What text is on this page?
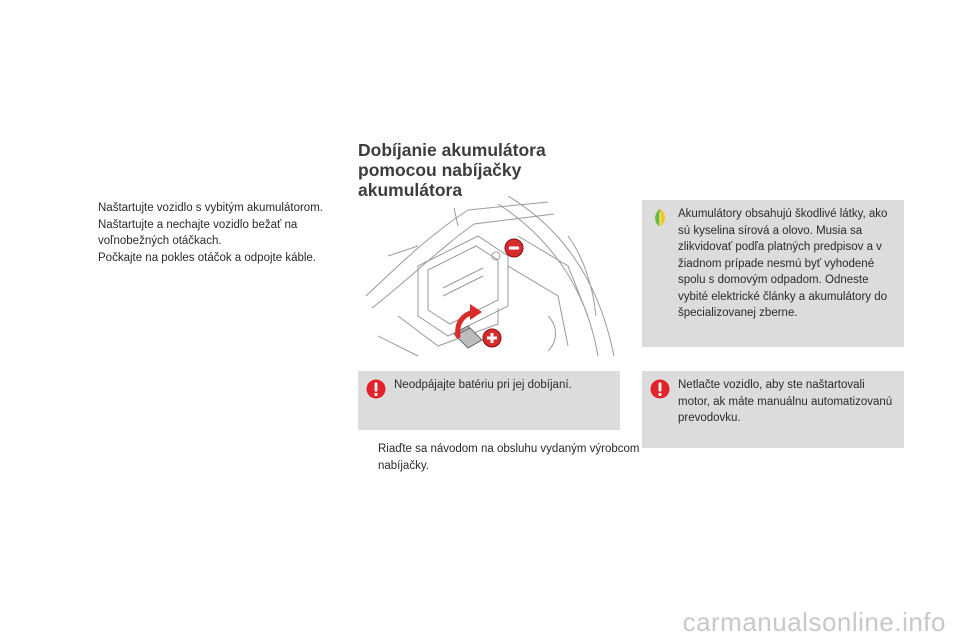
Naštartujte vozidlo s vybitým akumulátorom.
Naštartujte a nechajte vozidlo bežať na voľnobežných otáčkach.
Počkajte na pokles otáčok a odpojte káble.
Dobíjanie akumulátora pomocou nabíjačky akumulátora
Neodpájajte batériu pri jej dobíjaní.
Riaďte sa návodom na obsluhu vydaným výrobcom nabíjačky.
Akumulátory obsahujú škodlivé látky, ako sú kyselina sírová a olovo. Musia sa zlikvidovať podľa platných predpisov a v žiadnom prípade nesmú byť vyhodené spolu s domovým odpadom. Odneste vybité elektrické články a akumulátory do špecializovanej zberne.
Netlačte vozidlo, aby ste naštartovali motor, ak máte manuálnu automatizovanú prevodovku.
carmanualsonline.info
